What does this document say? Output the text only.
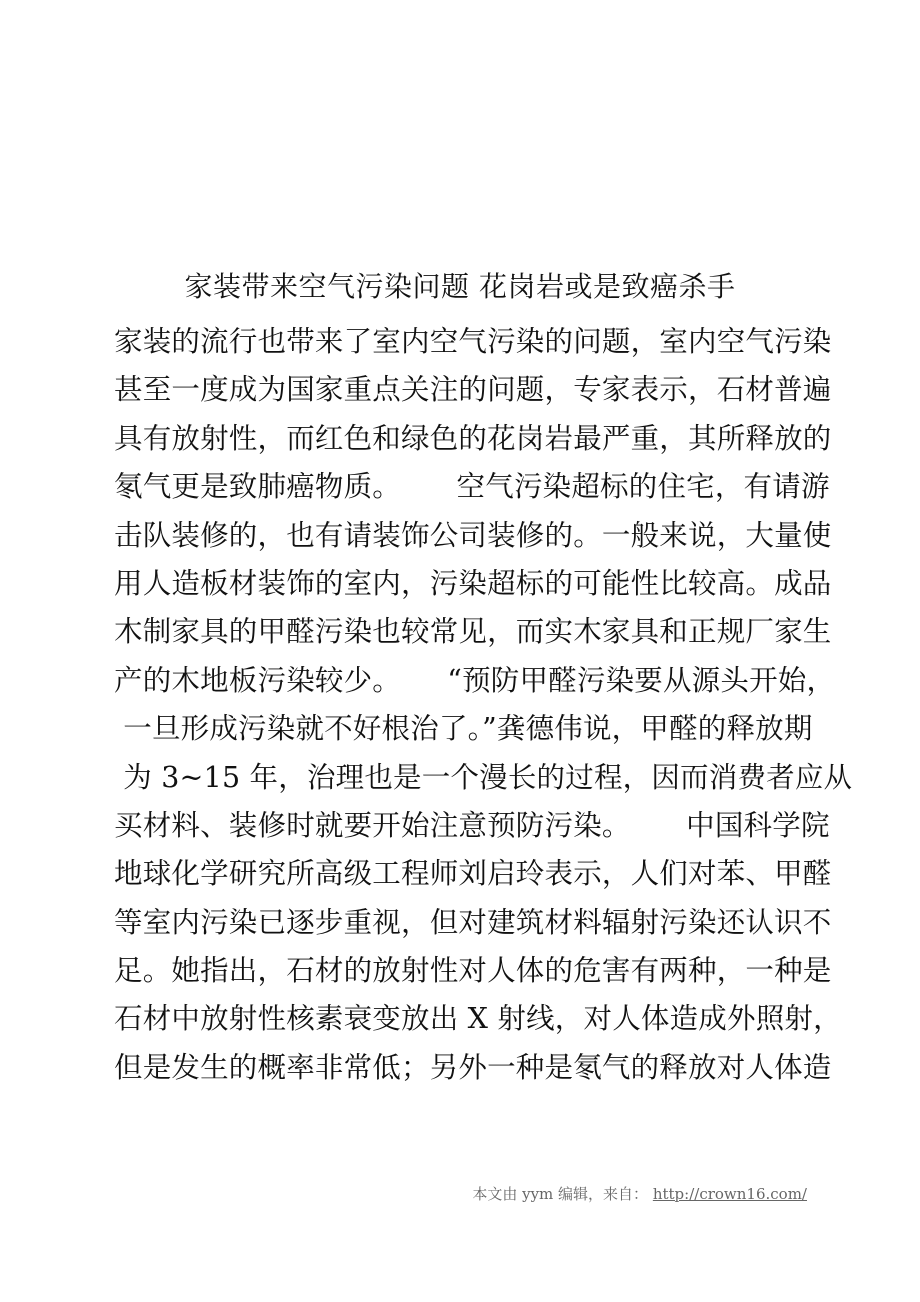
家装带来空气污染问题 花岗岩或是致癌杀手
家装的流行也带来了室内空气污染的问题，室内空气污染
甚至一度成为国家重点关注的问题，专家表示，石材普遍
具有放射性，而红色和绿色的花岗岩最严重，其所释放的
氡气更是致肺癌物质。      空气污染超标的住宅，有请游
击队装修的，也有请装饰公司装修的。一般来说，大量使
用人造板材装饰的室内，污染超标的可能性比较高。成品
木制家具的甲醛污染也较常见，而实木家具和正规厂家生
产的木地板污染较少。     “预防甲醛污染要从源头开始，
一旦形成污染就不好根治了。”龚德伟说，甲醛的释放期
为 3~15 年，治理也是一个漫长的过程，因而消费者应从
买材料、装修时就要开始注意预防污染。      中国科学院
地球化学研究所高级工程师刘启玲表示，人们对苯、甲醛
等室内污染已逐步重视，但对建筑材料辐射污染还认识不
足。她指出，石材的放射性对人体的危害有两种，一种是
石材中放射性核素衰变放出 X 射线，对人体造成外照射，
但是发生的概率非常低；另外一种是氡气的释放对人体造
本文由 yym 编辑，来自： http://crown16.com/
